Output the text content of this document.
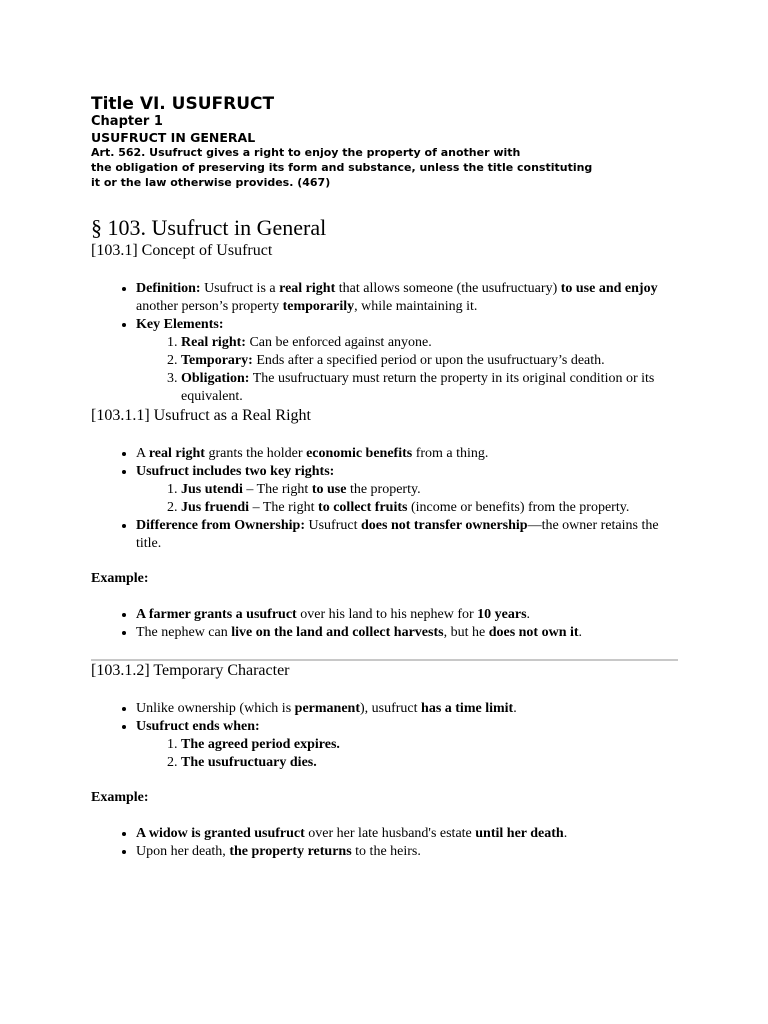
Title VI. USUFRUCT
Chapter 1
USUFRUCT IN GENERAL
Art. 562. Usufruct gives a right to enjoy the property of another with
the obligation of preserving its form and substance, unless the title constituting
it or the law otherwise provides. (467)
§ 103. Usufruct in General
[103.1] Concept of Usufruct
• Definition: Usufruct is a real right that allows someone (the usufructuary) to use and enjoy another person’s property temporarily, while maintaining it.
• Key Elements:
1. Real right: Can be enforced against anyone.
2. Temporary: Ends after a specified period or upon the usufructuary’s death.
3. Obligation: The usufructuary must return the property in its original condition or its equivalent.
[103.1.1] Usufruct as a Real Right
• A real right grants the holder economic benefits from a thing.
• Usufruct includes two key rights:
1. Jus utendi – The right to use the property.
2. Jus fruendi – The right to collect fruits (income or benefits) from the property.
• Difference from Ownership: Usufruct does not transfer ownership—the owner retains the title.

Example:

• A farmer grants a usufruct over his land to his nephew for 10 years.
• The nephew can live on the land and collect harvests, but he does not own it.
[103.1.2] Temporary Character
• Unlike ownership (which is permanent), usufruct has a time limit.
• Usufruct ends when:
1. The agreed period expires.
2. The usufructuary dies.

Example:

• A widow is granted usufruct over her late husband's estate until her death.
• Upon her death, the property returns to the heirs.
